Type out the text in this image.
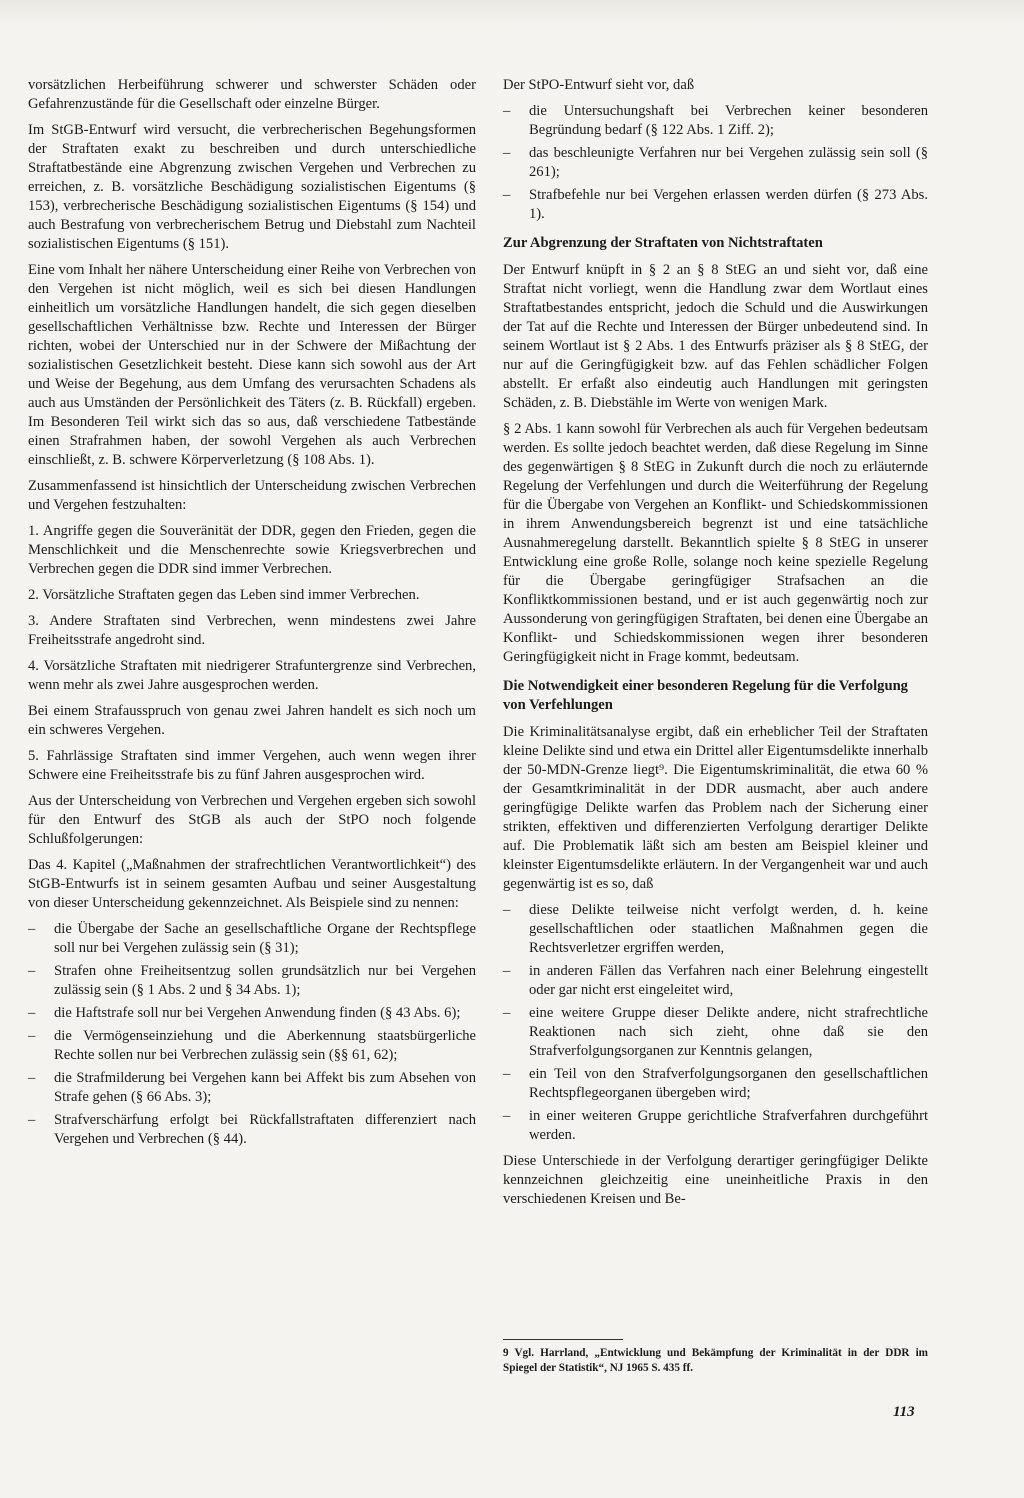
vorsätzlichen Herbeiführung schwerer und schwerster Schäden oder Gefahrenzustände für die Gesellschaft oder einzelne Bürger.

Im StGB-Entwurf wird versucht, die verbrecherischen Begehungsformen der Straftaten exakt zu beschreiben und durch unterschiedliche Straftatbestände eine Abgrenzung zwischen Vergehen und Verbrechen zu erreichen, z. B. vorsätzliche Beschädigung sozialistischen Eigentums (§ 153), verbrecherische Beschädigung sozialistischen Eigentums (§ 154) und auch Bestrafung von verbrecherischem Betrug und Diebstahl zum Nachteil sozialistischen Eigentums (§ 151).

Eine vom Inhalt her nähere Unterscheidung einer Reihe von Verbrechen von den Vergehen ist nicht möglich, weil es sich bei diesen Handlungen einheitlich um vorsätzliche Handlungen handelt, die sich gegen dieselben gesellschaftlichen Verhältnisse bzw. Rechte und Interessen der Bürger richten, wobei der Unterschied nur in der Schwere der Mißachtung der sozialistischen Gesetzlichkeit besteht. Diese kann sich sowohl aus der Art und Weise der Begehung, aus dem Umfang des verursachten Schadens als auch aus Umständen der Persönlichkeit des Täters (z. B. Rückfall) ergeben. Im Besonderen Teil wirkt sich das so aus, daß verschiedene Tatbestände einen Strafrahmen haben, der sowohl Vergehen als auch Verbrechen einschließt, z. B. schwere Körperverletzung (§ 108 Abs. 1).

Zusammenfassend ist hinsichtlich der Unterscheidung zwischen Verbrechen und Vergehen festzuhalten:

1. Angriffe gegen die Souveränität der DDR, gegen den Frieden, gegen die Menschlichkeit und die Menschenrechte sowie Kriegsverbrechen und Verbrechen gegen die DDR sind immer Verbrechen.

2. Vorsätzliche Straftaten gegen das Leben sind immer Verbrechen.

3. Andere Straftaten sind Verbrechen, wenn mindestens zwei Jahre Freiheitsstrafe angedroht sind.

4. Vorsätzliche Straftaten mit niedrigerer Strafuntergrenze sind Verbrechen, wenn mehr als zwei Jahre ausgesprochen werden.

Bei einem Strafausspruch von genau zwei Jahren handelt es sich noch um ein schweres Vergehen.

5. Fahrlässige Straftaten sind immer Vergehen, auch wenn wegen ihrer Schwere eine Freiheitsstrafe bis zu fünf Jahren ausgesprochen wird.

Aus der Unterscheidung von Verbrechen und Vergehen ergeben sich sowohl für den Entwurf des StGB als auch der StPO noch folgende Schlußfolgerungen:

Das 4. Kapitel („Maßnahmen der strafrechtlichen Verantwortlichkeit“) des StGB-Entwurfs ist in seinem gesamten Aufbau und seiner Ausgestaltung von dieser Unterscheidung gekennzeichnet. Als Beispiele sind zu nennen:

– die Übergabe der Sache an gesellschaftliche Organe der Rechtspflege soll nur bei Vergehen zulässig sein (§ 31);
– Strafen ohne Freiheitsentzug sollen grundsätzlich nur bei Vergehen zulässig sein (§ 1 Abs. 2 und § 34 Abs. 1);
– die Haftstrafe soll nur bei Vergehen Anwendung finden (§ 43 Abs. 6);
– die Vermögenseinziehung und die Aberkennung staatsbürgerliche Rechte sollen nur bei Verbrechen zulässig sein (§§ 61, 62);
– die Strafmilderung bei Vergehen kann bei Affekt bis zum Absehen von Strafe gehen (§ 66 Abs. 3);
– Strafverschärfung erfolgt bei Rückfallstraftaten differenziert nach Vergehen und Verbrechen (§ 44).

Der StPO-Entwurf sieht vor, daß

– die Untersuchungshaft bei Verbrechen keiner besonderen Begründung bedarf (§ 122 Abs. 1 Ziff. 2);
– das beschleunigte Verfahren nur bei Vergehen zulässig sein soll (§ 261);
– Strafbefehle nur bei Vergehen erlassen werden dürfen (§ 273 Abs. 1).

Zur Abgrenzung der Straftaten von Nichtstraftaten

Der Entwurf knüpft in § 2 an § 8 StEG an und sieht vor, daß eine Straftat nicht vorliegt, wenn die Handlung zwar dem Wortlaut eines Straftatbestandes entspricht, jedoch die Schuld und die Auswirkungen der Tat auf die Rechte und Interessen der Bürger unbedeutend sind. In seinem Wortlaut ist § 2 Abs. 1 des Entwurfs präziser als § 8 StEG, der nur auf die Geringfügigkeit bzw. auf das Fehlen schädlicher Folgen abstellt. Er erfaßt also eindeutig auch Handlungen mit geringsten Schäden, z. B. Diebstähle im Werte von wenigen Mark.

§ 2 Abs. 1 kann sowohl für Verbrechen als auch für Vergehen bedeutsam werden. Es sollte jedoch beachtet werden, daß diese Regelung im Sinne des gegenwärtigen § 8 StEG in Zukunft durch die noch zu erläuternde Regelung der Verfehlungen und durch die Weiterführung der Regelung für die Übergabe von Vergehen an Konflikt- und Schiedskommissionen in ihrem Anwendungsbereich begrenzt ist und eine tatsächliche Ausnahmeregelung darstellt. Bekanntlich spielte § 8 StEG in unserer Entwicklung eine große Rolle, solange noch keine spezielle Regelung für die Übergabe geringfügiger Strafsachen an die Konfliktkommissionen bestand, und er ist auch gegenwärtig noch zur Aussonderung von geringfügigen Straftaten, bei denen eine Übergabe an Konflikt- und Schiedskommissionen wegen ihrer besonderen Geringfügigkeit nicht in Frage kommt, bedeutsam.

Die Notwendigkeit einer besonderen Regelung für die Verfolgung von Verfehlungen

Die Kriminalitätsanalyse ergibt, daß ein erheblicher Teil der Straftaten kleine Delikte sind und etwa ein Drittel aller Eigentumsdelikte innerhalb der 50-MDN-Grenze liegt⁹. Die Eigentumskriminalität, die etwa 60 % der Gesamtkriminalität in der DDR ausmacht, aber auch andere geringfügige Delikte warfen das Problem nach der Sicherung einer strikten, effektiven und differenzierten Verfolgung derartiger Delikte auf. Die Problematik läßt sich am besten am Beispiel kleiner und kleinster Eigentumsdelikte erläutern. In der Vergangenheit war und auch gegenwärtig ist es so, daß

– diese Delikte teilweise nicht verfolgt werden, d. h. keine gesellschaftlichen oder staatlichen Maßnahmen gegen die Rechtsverletzer ergriffen werden,
– in anderen Fällen das Verfahren nach einer Belehrung eingestellt oder gar nicht erst eingeleitet wird,
– eine weitere Gruppe dieser Delikte andere, nicht strafrechtliche Reaktionen nach sich zieht, ohne daß sie den Strafverfolgungsorganen zur Kenntnis gelangen,
– ein Teil von den Strafverfolgungsorganen den gesellschaftlichen Rechtspflegeorganen übergeben wird;
– in einer weiteren Gruppe gerichtliche Strafverfahren durchgeführt werden.

Diese Unterschiede in der Verfolgung derartiger geringfügiger Delikte kennzeichnen gleichzeitig eine uneinheitliche Praxis in den verschiedenen Kreisen und Be-

9 Vgl. Harrland, „Entwicklung und Bekämpfung der Kriminalität in der DDR im Spiegel der Statistik“, NJ 1965 S. 435 ff.
113
